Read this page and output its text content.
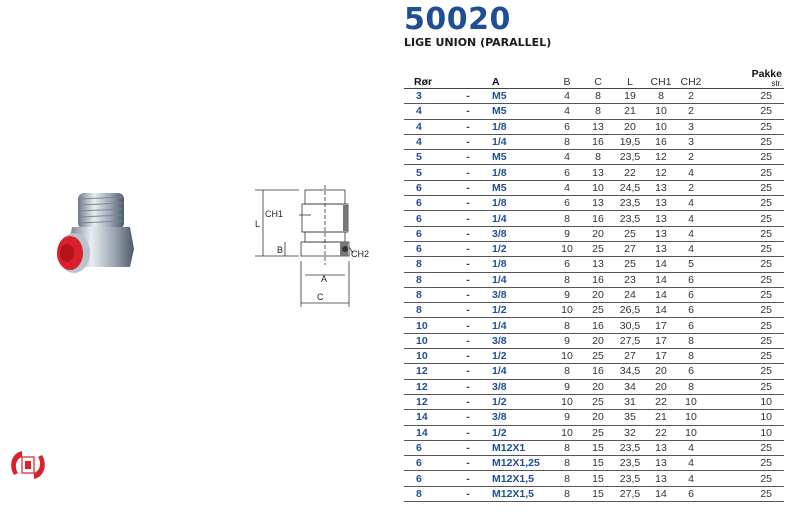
50020
LIGE UNION (PARALLEL)
CH1
L
B	CH2
A
C
Rør		A	B	C	L	CH1	CH2	Pakke
str.

3	-	M5	4	8	19	8	2	25
4	-	M5	4	8	21	10	2	25
4	-	1/8	6	13	20	10	3	25
4	-	1/4	8	16	19,5	16	3	25
5	-	M5	4	8	23,5	12	2	25
5	-	1/8	6	13	22	12	4	25
6	-	M5	4	10	24,5	13	2	25
6	-	1/8	6	13	23,5	13	4	25
6	-	1/4	8	16	23,5	13	4	25
6	-	3/8	9	20	25	13	4	25
6	-	1/2	10	25	27	13	4	25
8	-	1/8	6	13	25	14	5	25
8	-	1/4	8	16	23	14	6	25
8	-	3/8	9	20	24	14	6	25
8	-	1/2	10	25	26,5	14	6	25
10	-	1/4	8	16	30,5	17	6	25
10	-	3/8	9	20	27,5	17	8	25
10	-	1/2	10	25	27	17	8	25
12	-	1/4	8	16	34,5	20	6	25
12	-	3/8	9	20	34	20	8	25
12	-	1/2	10	25	31	22	10	10
14	-	3/8	9	20	35	21	10	10
14	-	1/2	10	25	32	22	10	10
6	-	M12X1	8	15	23,5	13	4	25
6	-	M12X1,25	8	15	23,5	13	4	25
6	-	M12X1,5	8	15	23,5	13	4	25
8	-	M12X1,5	8	15	27,5	14	6	25
